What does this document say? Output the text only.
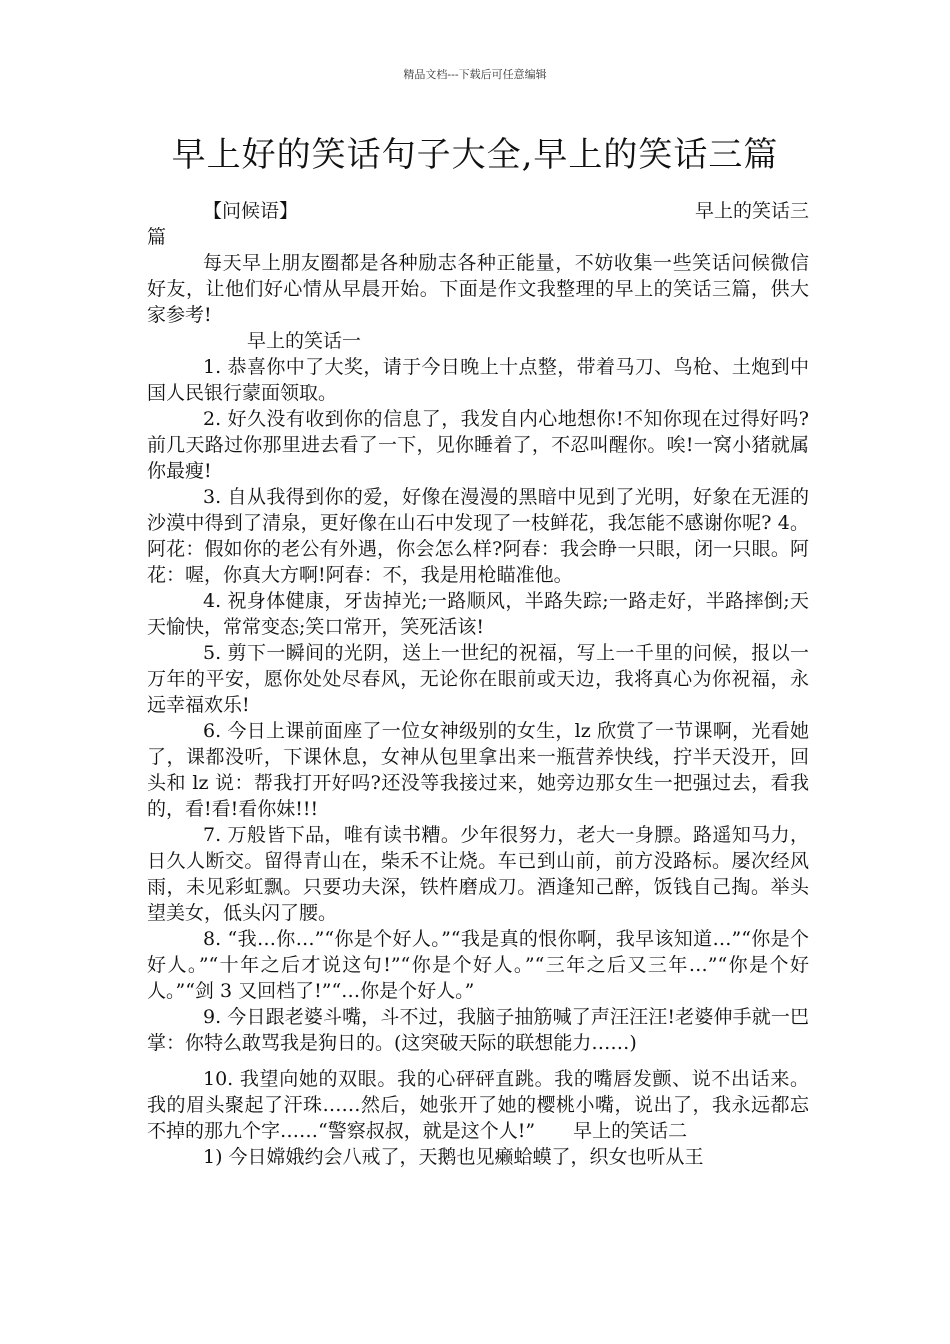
精品文档---下载后可任意编辑
早上好的笑话句子大全,早上的笑话三篇

【问候语】	早上的笑话三

篇

每天早上朋友圈都是各种励志各种正能量，不妨收集一些笑话问候微信好友，让他们好心情从早晨开始。下面是作文我整理的早上的笑话三篇，供大家参考!

早上的笑话一

1. 恭喜你中了大奖，请于今日晚上十点整，带着马刀、鸟枪、土炮到中国人民银行蒙面领取。

2. 好久没有收到你的信息了，我发自内心地想你!不知你现在过得好吗?前几天路过你那里进去看了一下，见你睡着了，不忍叫醒你。唉!一窝小猪就属你最瘦!

3. 自从我得到你的爱，好像在漫漫的黑暗中见到了光明，好象在无涯的沙漠中得到了清泉，更好像在山石中发现了一枝鲜花，我怎能不感谢你呢? 4。阿花：假如你的老公有外遇，你会怎么样?阿春：我会睁一只眼，闭一只眼。阿花：喔，你真大方啊!阿春：不，我是用枪瞄准他。

4. 祝身体健康，牙齿掉光;一路顺风，半路失踪;一路走好，半路摔倒;天天愉快，常常变态;笑口常开，笑死活该!

5. 剪下一瞬间的光阴，送上一世纪的祝福，写上一千里的问候，报以一万年的平安，愿你处处尽春风，无论你在眼前或天边，我将真心为你祝福，永远幸福欢乐!

6. 今日上课前面座了一位女神级别的女生，lz 欣赏了一节课啊，光看她了，课都没听，下课休息，女神从包里拿出来一瓶营养快线，拧半天没开，回头和 lz 说：帮我打开好吗?还没等我接过来，她旁边那女生一把强过去，看我的，看!看!看你妹!!!

7. 万般皆下品，唯有读书糟。少年很努力，老大一身膘。路遥知马力，日久人断交。留得青山在，柴禾不让烧。车已到山前，前方没路标。屡次经风雨，未见彩虹飘。只要功夫深，铁杵磨成刀。酒逢知己醉，饭钱自己掏。举头望美女，低头闪了腰。

8. “我…你…”“你是个好人。”“我是真的恨你啊，我早该知道…”“你是个好人。”“十年之后才说这句!”“你是个好人。”“三年之后又三年…”“你是个好人。”“剑 3 又回档了!”“…你是个好人。”

9. 今日跟老婆斗嘴，斗不过，我脑子抽筋喊了声汪汪汪!老婆伸手就一巴掌：你特么敢骂我是狗日的。(这突破天际的联想能力……)

10. 我望向她的双眼。我的心砰砰直跳。我的嘴唇发颤、说不出话来。我的眉头聚起了汗珠……然后，她张开了她的樱桃小嘴，说出了，我永远都忘不掉的那九个字……“警察叔叔，就是这个人!”   早上的笑话二

1) 今日嫦娥约会八戒了，天鹅也见癞蛤蟆了，织女也听从王
